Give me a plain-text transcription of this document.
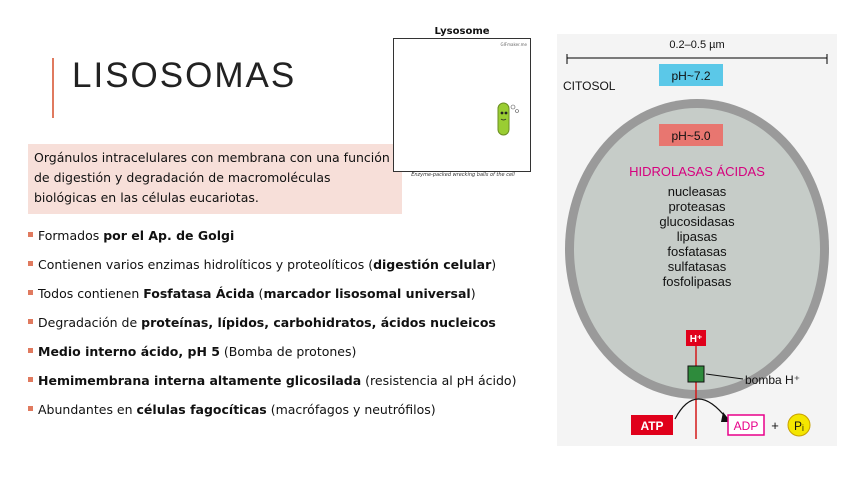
LISOSOMAS
Orgánulos intracelulares con membrana con una función de digestión y degradación de macromoléculas biológicas en las células eucariotas.
Formados por el Ap. de Golgi
Contienen varios enzimas hidrolíticos y proteolíticos (digestión celular)
Todos contienen Fosfatasa Ácida (marcador lisosomal universal)
Degradación de proteínas, lípidos, carbohidratos, ácidos nucleicos
Medio interno ácido, pH 5 (Bomba de protones)
Hemimembrana interna altamente glicosilada (resistencia al pH ácido)
Abundantes en células fagocíticas (macrófagos y neutrófilos)
Lysosome
GIFmaker.me
Enzyme-packed wrecking balls of the cell
0.2–0.5 µm
CITOSOL
pH~7.2
pH~5.0
HIDROLASAS ÁCIDAS
nucleasas
proteasas
glucosidasas
lipasas
fosfatasas
sulfatasas
fosfolipasas
H⁺
bomba H⁺
ATP	ADP + Pᵢ
